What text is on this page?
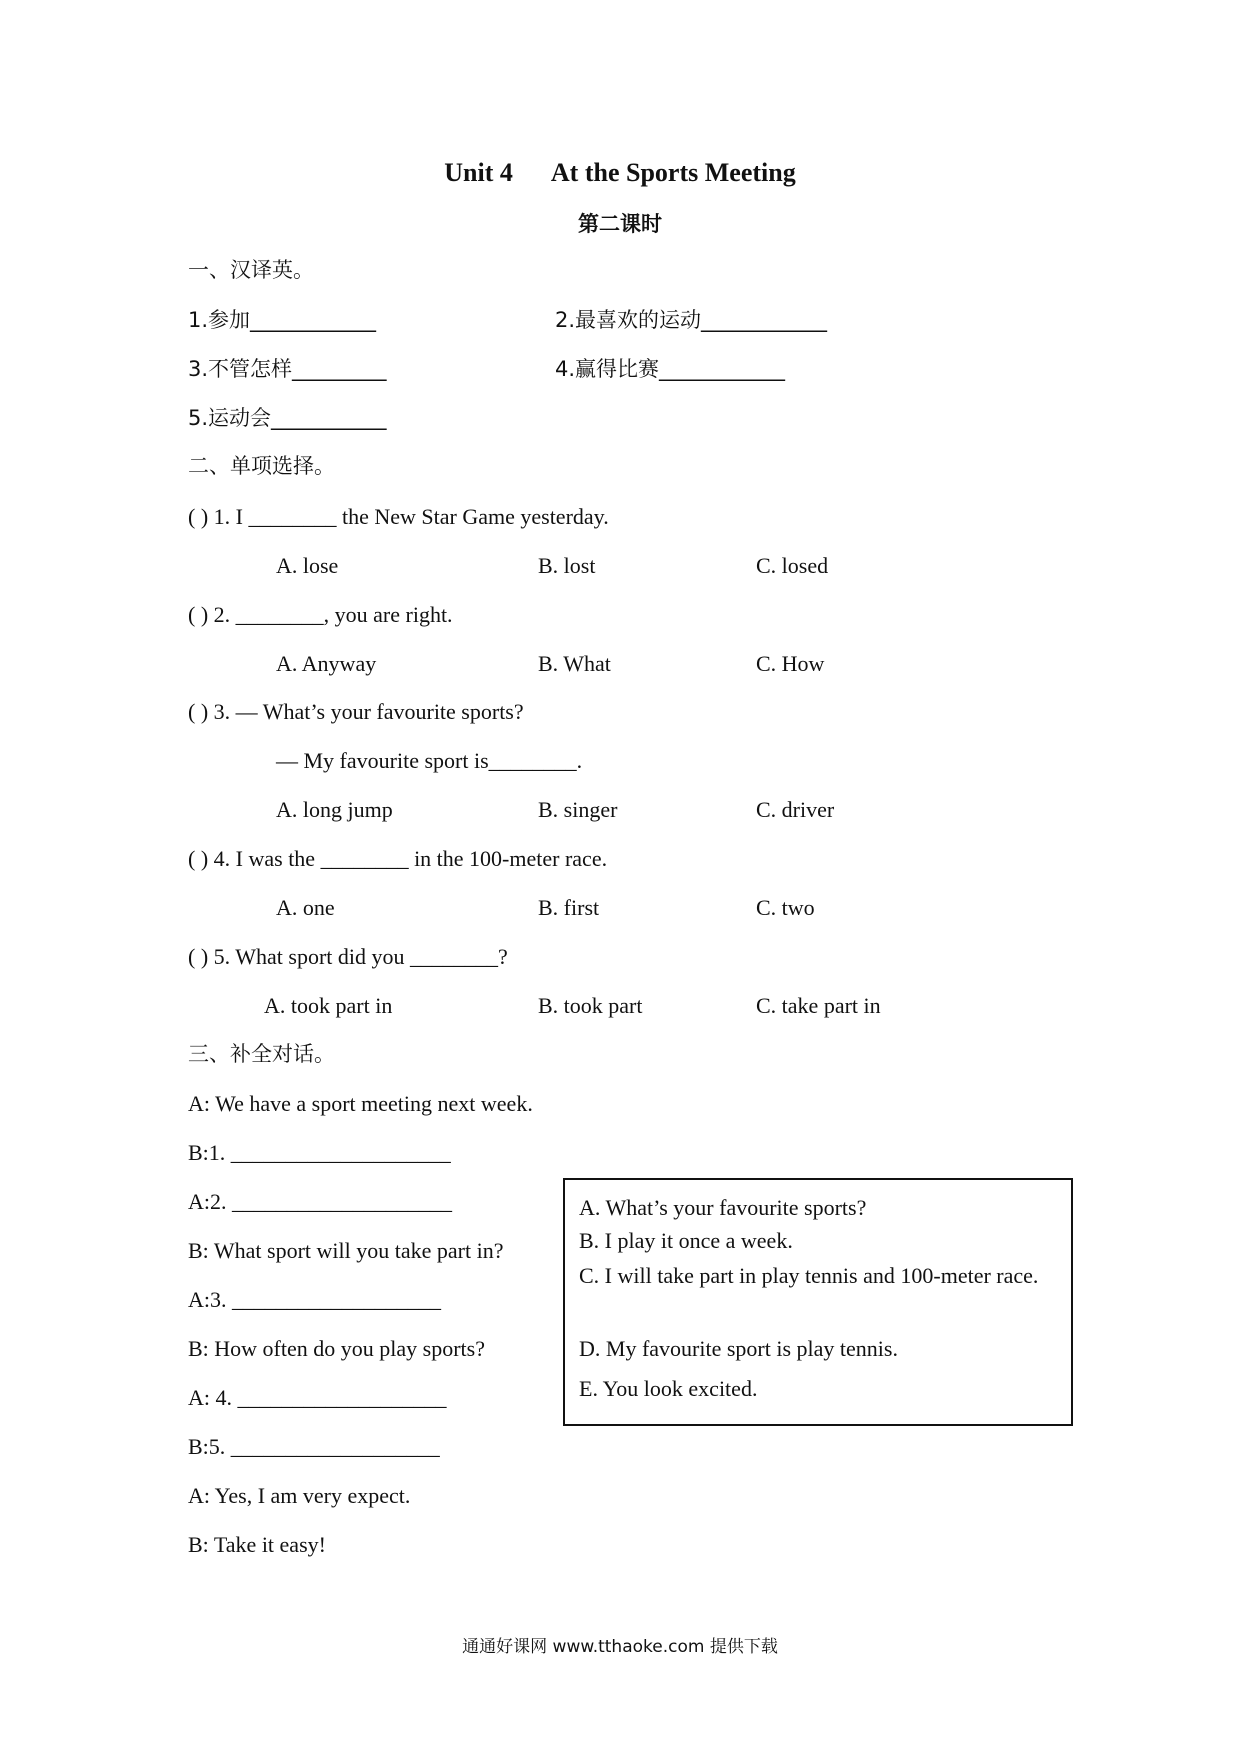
Unit 4 At the Sports Meeting
第二课时
一、汉译英。
1.参加____________	2.最喜欢的运动____________
3.不管怎样_________	4.赢得比赛____________
5.运动会___________
二、单项选择。
( ) 1. I ________ the New Star Game yesterday.
A. lose	B. lost	C. losed
( ) 2. ________, you are right.
A. Anyway	B. What	C. How
( ) 3. — What’s your favourite sports?
— My favourite sport is________.
A. long jump	B. singer	C. driver
( ) 4. I was the ________ in the 100-meter race.
A. one	B. first	C. two
( ) 5. What sport did you ________?
A. took part in	B. took part	C. take part in
三、补全对话。
A: We have a sport meeting next week.
B:1. ____________________
A:2. ____________________
B: What sport will you take part in?
A:3. ___________________
B: How often do you play sports?
A: 4. ___________________
B:5. ___________________
A: Yes, I am very expect.
B: Take it easy!
A. What’s your favourite sports?
B. I play it once a week.
C. I will take part in play tennis and 100-meter race.
D. My favourite sport is play tennis.
E. You look excited.
通通好课网 www.tthaoke.com 提供下载
